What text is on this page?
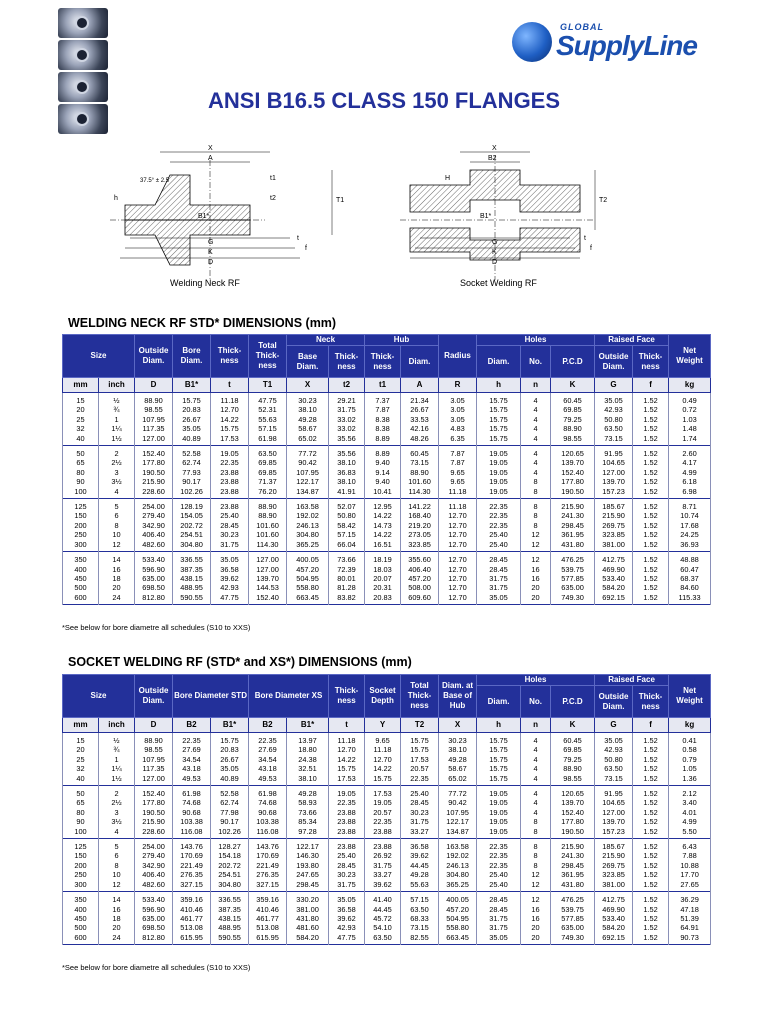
GLOBAL
SupplyLine
ANSI B16.5 CLASS 150 FLANGES
X
A
37.5° ± 2.5
B1*
G
K
D
T1
t1
t2
h
t
f
X
B2
H
B1*
G
K
D
T2
t
f
Welding Neck RF	Socket Welding RF
WELDING NECK RF STD* DIMENSIONS (mm)
Size		Outside Diam.	Bore Diam.	Thick- ness	Total Thick- ness	Neck		Hub		Radius	Holes			Raised Face		Net Weight
						Base Diam.	Thick- ness	Thick- ness	Diam.		Diam.	No.	P.C.D	Outside Diam.	Thick- ness	
mm	inch	D	B1*	t	T1	X	t2	t1	A	R	h	n	K	G	f	kg
15	½	88.90	15.75	11.18	47.75	30.23	29.21	7.37	21.34	3.05	15.75	4	60.45	35.05	1.52	0.49
20	¾	98.55	20.83	12.70	52.31	38.10	31.75	7.87	26.67	3.05	15.75	4	69.85	42.93	1.52	0.72
25	1	107.95	26.67	14.22	55.63	49.28	33.02	8.38	33.53	3.05	15.75	4	79.25	50.80	1.52	1.03
32	1¼	117.35	35.05	15.75	57.15	58.67	33.02	8.38	42.16	4.83	15.75	4	88.90	63.50	1.52	1.48
40	1½	127.00	40.89	17.53	61.98	65.02	35.56	8.89	48.26	6.35	15.75	4	98.55	73.15	1.52	1.74
50	2	152.40	52.58	19.05	63.50	77.72	35.56	8.89	60.45	7.87	19.05	4	120.65	91.95	1.52	2.60
65	2½	177.80	62.74	22.35	69.85	90.42	38.10	9.40	73.15	7.87	19.05	4	139.70	104.65	1.52	4.17
80	3	190.50	77.93	23.88	69.85	107.95	36.83	9.14	88.90	9.65	19.05	4	152.40	127.00	1.52	4.99
90	3½	215.90	90.17	23.88	71.37	122.17	38.10	9.40	101.60	9.65	19.05	8	177.80	139.70	1.52	6.18
100	4	228.60	102.26	23.88	76.20	134.87	41.91	10.41	114.30	11.18	19.05	8	190.50	157.23	1.52	6.98
125	5	254.00	128.19	23.88	88.90	163.58	52.07	12.95	141.22	11.18	22.35	8	215.90	185.67	1.52	8.71
150	6	279.40	154.05	25.40	88.90	192.02	50.80	14.22	168.40	12.70	22.35	8	241.30	215.90	1.52	10.74
200	8	342.90	202.72	28.45	101.60	246.13	58.42	14.73	219.20	12.70	22.35	8	298.45	269.75	1.52	17.68
250	10	406.40	254.51	30.23	101.60	304.80	57.15	14.22	273.05	12.70	25.40	12	361.95	323.85	1.52	24.25
300	12	482.60	304.80	31.75	114.30	365.25	66.04	16.51	323.85	12.70	25.40	12	431.80	381.00	1.52	36.93
350	14	533.40	336.55	35.05	127.00	400.05	73.66	18.19	355.60	12.70	28.45	12	476.25	412.75	1.52	48.88
400	16	596.90	387.35	36.58	127.00	457.20	72.39	18.03	406.40	12.70	28.45	16	539.75	469.90	1.52	60.47
450	18	635.00	438.15	39.62	139.70	504.95	80.01	20.07	457.20	12.70	31.75	16	577.85	533.40	1.52	68.37
500	20	698.50	488.95	42.93	144.53	558.80	81.28	20.31	508.00	12.70	31.75	20	635.00	584.20	1.52	84.60
600	24	812.80	590.55	47.75	152.40	663.45	83.82	20.83	609.60	12.70	35.05	20	749.30	692.15	1.52	115.33
*See below for bore diametre all schedules (S10 to XXS)
SOCKET WELDING RF (STD* and XS*) DIMENSIONS (mm)
Size		Outside Diam.	Bore Diameter STD		Bore Diameter XS		Thick- ness	Socket Depth	Total Thick- ness	Diam. at Base of Hub	Holes			Raised Face		Net Weight
											Diam.	No.	P.C.D	Outside Diam.	Thick- ness	
mm	inch	D	B2	B1*	B2	B1*	t	Y	T2	X	h	n	K	G	f	kg
15	½	88.90	22.35	15.75	22.35	13.97	11.18	9.65	15.75	30.23	15.75	4	60.45	35.05	1.52	0.41
20	¾	98.55	27.69	20.83	27.69	18.80	12.70	11.18	15.75	38.10	15.75	4	69.85	42.93	1.52	0.58
25	1	107.95	34.54	26.67	34.54	24.38	14.22	12.70	17.53	49.28	15.75	4	79.25	50.80	1.52	0.79
32	1¼	117.35	43.18	35.05	43.18	32.51	15.75	14.22	20.57	58.67	15.75	4	88.90	63.50	1.52	1.05
40	1½	127.00	49.53	40.89	49.53	38.10	17.53	15.75	22.35	65.02	15.75	4	98.55	73.15	1.52	1.36
50	2	152.40	61.98	52.58	61.98	49.28	19.05	17.53	25.40	77.72	19.05	4	120.65	91.95	1.52	2.12
65	2½	177.80	74.68	62.74	74.68	58.93	22.35	19.05	28.45	90.42	19.05	4	139.70	104.65	1.52	3.40
80	3	190.50	90.68	77.98	90.68	73.66	23.88	20.57	30.23	107.95	19.05	4	152.40	127.00	1.52	4.01
90	3½	215.90	103.38	90.17	103.38	85.34	23.88	22.35	31.75	122.17	19.05	8	177.80	139.70	1.52	4.99
100	4	228.60	116.08	102.26	116.08	97.28	23.88	23.88	33.27	134.87	19.05	8	190.50	157.23	1.52	5.50
125	5	254.00	143.76	128.27	143.76	122.17	23.88	23.88	36.58	163.58	22.35	8	215.90	185.67	1.52	6.43
150	6	279.40	170.69	154.18	170.69	146.30	25.40	26.92	39.62	192.02	22.35	8	241.30	215.90	1.52	7.88
200	8	342.90	221.49	202.72	221.49	193.80	28.45	31.75	44.45	246.13	22.35	8	298.45	269.75	1.52	10.88
250	10	406.40	276.35	254.51	276.35	247.65	30.23	33.27	49.28	304.80	25.40	12	361.95	323.85	1.52	17.70
300	12	482.60	327.15	304.80	327.15	298.45	31.75	39.62	55.63	365.25	25.40	12	431.80	381.00	1.52	27.65
350	14	533.40	359.16	336.55	359.16	330.20	35.05	41.40	57.15	400.05	28.45	12	476.25	412.75	1.52	36.29
400	16	596.90	410.46	387.35	410.46	381.00	36.58	44.45	63.50	457.20	28.45	16	539.75	469.90	1.52	47.18
450	18	635.00	461.77	438.15	461.77	431.80	39.62	45.72	68.33	504.95	31.75	16	577.85	533.40	1.52	51.39
500	20	698.50	513.08	488.95	513.08	481.60	42.93	54.10	73.15	558.80	31.75	20	635.00	584.20	1.52	64.91
600	24	812.80	615.95	590.55	615.95	584.20	47.75	63.50	82.55	663.45	35.05	20	749.30	692.15	1.52	90.73
*See below for bore diametre all schedules (S10 to XXS)
